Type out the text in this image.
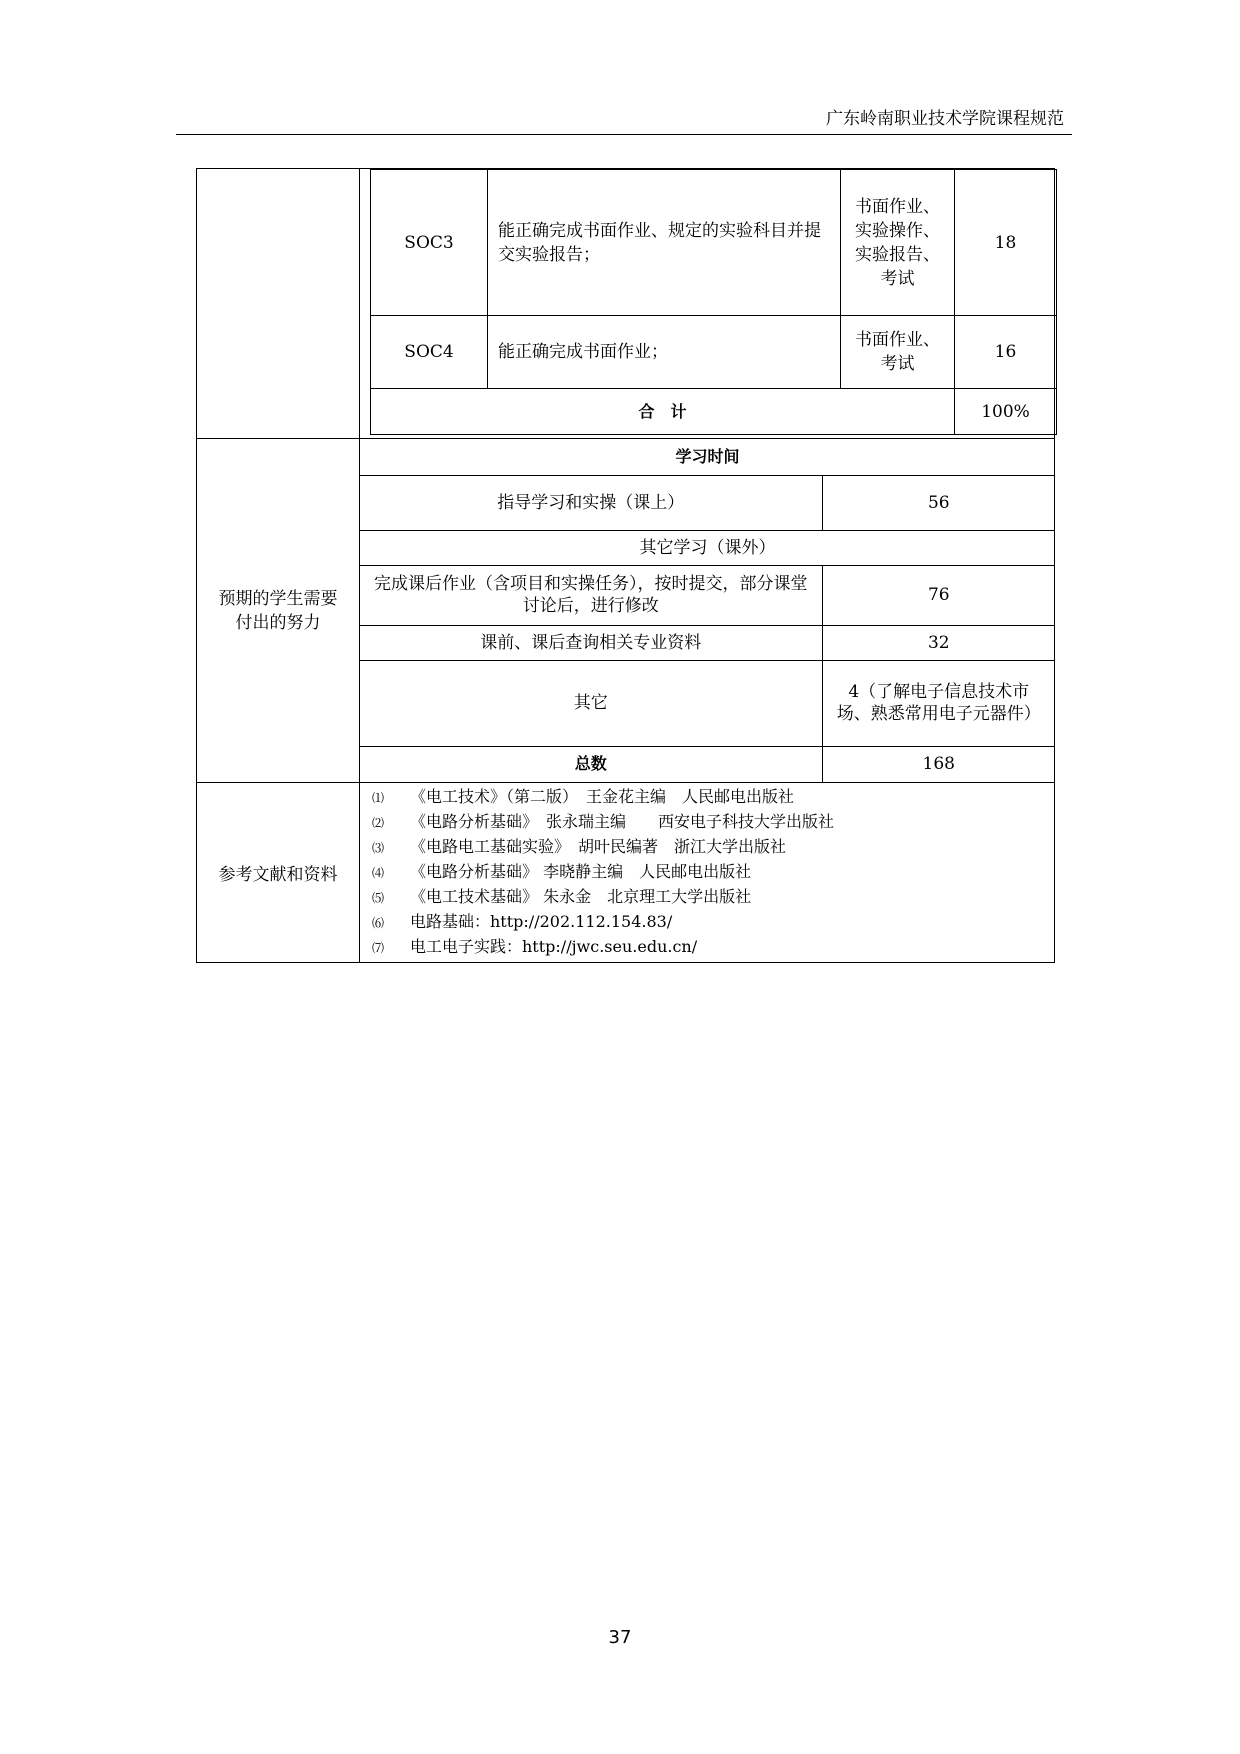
广东岭南职业技术学院课程规范

SOC3	能正确完成书面作业、规定的实验科目并提交实验报告；	书面作业、实验操作、实验报告、考试	18
SOC4	能正确完成书面作业；	书面作业、考试	16
合　计	100%

预期的学生需要付出的努力	
学习时间
指导学习和实操（课上）	56
其它学习（课外）
完成课后作业（含项目和实操任务），按时提交，部分课堂讨论后，进行修改	76
课前、课后查询相关专业资料	32
其它	4（了解电子信息技术市场、熟悉常用电子元器件）
总数	168

参考文献和资料	
⑴ 《电工技术》（第二版）　王金花主编　人民邮电出版社
⑵ 《电路分析基础》　张永瑞主编　　西安电子科技大学出版社
⑶ 《电路电工基础实验》　胡叶民编著　浙江大学出版社
⑷ 《电路分析基础》 李晓静主编　人民邮电出版社
⑸ 《电工技术基础》 朱永金　北京理工大学出版社
⑹ 电路基础：http://202.112.154.83/
⑺ 电工电子实践：http://jwc.seu.edu.cn/
37
